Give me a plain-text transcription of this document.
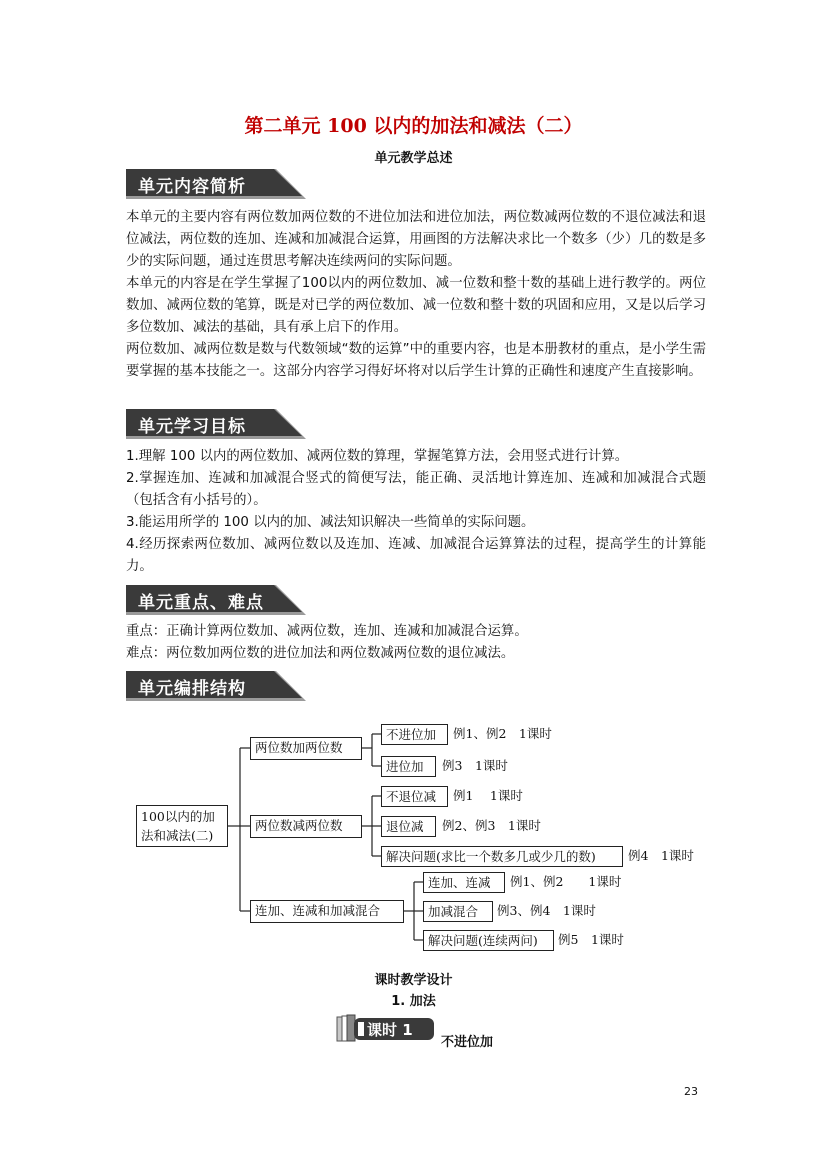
第二单元 100 以内的加法和减法（二）
单元教学总述
单元内容简析

本单元的主要内容有两位数加两位数的不进位加法和进位加法，两位数减两位数的不退位减法和退位减法，两位数的连加、连减和加减混合运算，用画图的方法解决求比一个数多（少）几的数是多少的实际问题，通过连贯思考解决连续两问的实际问题。

本单元的内容是在学生掌握了100以内的两位数加、减一位数和整十数的基础上进行教学的。两位数加、减两位数的笔算，既是对已学的两位数加、减一位数和整十数的巩固和应用，又是以后学习多位数加、减法的基础，具有承上启下的作用。

两位数加、减两位数是数与代数领域“数的运算”中的重要内容，也是本册教材的重点，是小学生需要掌握的基本技能之一。这部分内容学习得好坏将对以后学生计算的正确性和速度产生直接影响。

单元学习目标

1.理解 100 以内的两位数加、减两位数的算理，掌握笔算方法，会用竖式进行计算。

2.掌握连加、连减和加减混合竖式的简便写法，能正确、灵活地计算连加、连减和加减混合式题（包括含有小括号的）。

3.能运用所学的 100 以内的加、减法知识解决一些简单的实际问题。

4.经历探索两位数加、减两位数以及连加、连减、加减混合运算算法的过程，提高学生的计算能力。

单元重点、难点

重点：正确计算两位数加、减两位数，连加、连减和加减混合运算。

难点：两位数加两位数的进位加法和两位数减两位数的退位减法。

单元编排结构
100以内的加
法和减法(二)
两位数加两位数
两位数减两位数
连加、连减和加减混合
不进位加	例1、例2　1课时
进位加	例3　1课时
不退位减	例1　 1课时
退位减	例2、例3　1课时
解决问题(求比一个数多几或少几的数)	例4　1课时
连加、连减	例1、例2　　1课时
加减混合	例3、例4　1课时
解决问题(连续两问)	例5　1课时
课时教学设计
1. 加法
课时 1
不进位加
23
